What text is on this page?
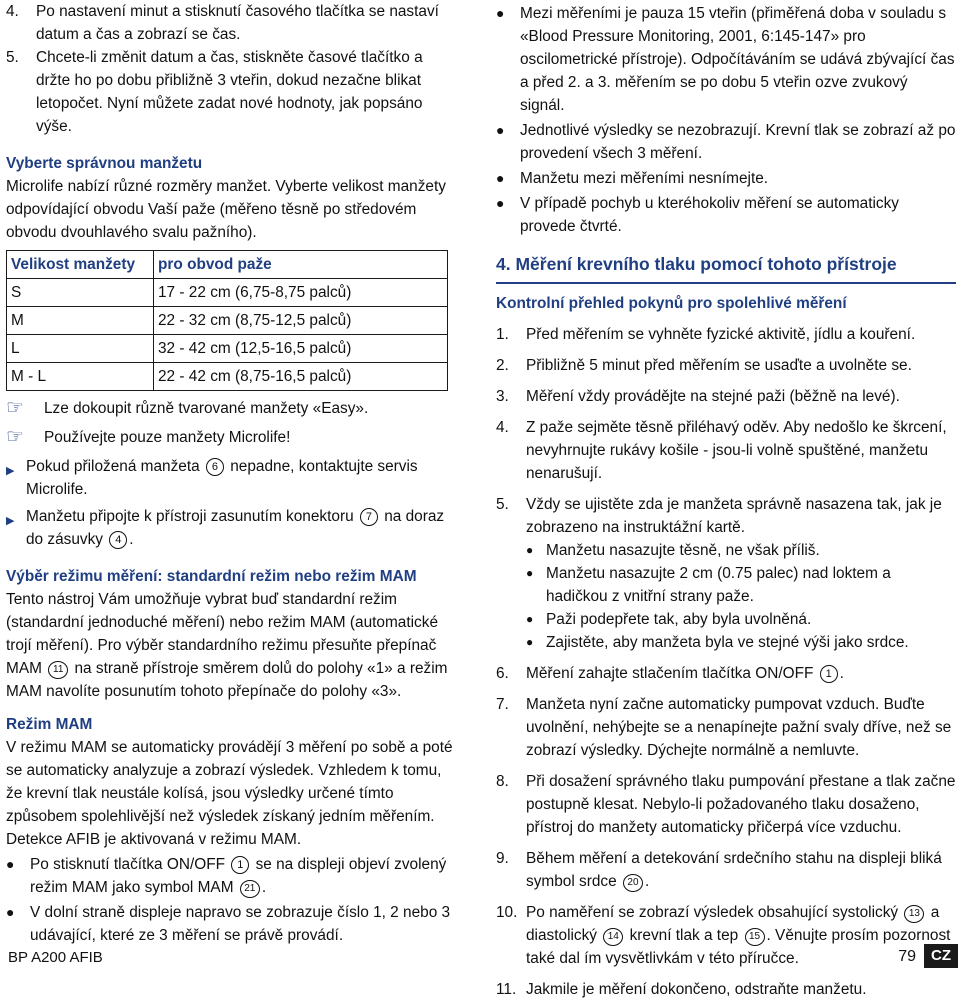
4.	Po nastavení minut a stisknutí časového tlačítka se nastaví datum a čas a zobrazí se čas.
5.	Chcete-li změnit datum a čas, stiskněte časové tlačítko a držte ho po dobu přibližně 3 vteřin, dokud nezačne blikat letopočet. Nyní můžete zadat nové hodnoty, jak popsáno výše.

Vyberte správnou manžetu

Microlife nabízí různé rozměry manžet. Vyberte velikost manžety odpovídající obvodu Vaší paže (měřeno těsně po středovém obvodu dvouhlavého svalu pažního).

Velikost manžety	pro obvod paže
S	17 - 22 cm (6,75-8,75 palců)
M	22 - 32 cm (8,75-12,5 palců)
L	32 - 42 cm (12,5-16,5 palců)
M - L	22 - 42 cm (8,75-16,5 palců)
☞	Lze dokoupit různě tvarované manžety «Easy».
☞	Používejte pouze manžety Microlife!
▶ Pokud přiložená manžeta 6 nepadne, kontaktujte servis Microlife.
▶ Manžetu připojte k přístroji zasunutím konektoru 7 na doraz do zásuvky 4 .

Výběr režimu měření: standardní režim nebo režim MAM

Tento nástroj Vám umožňuje vybrat buď standardní režim (standardní jednoduché měření) nebo režim MAM (automatické trojí měření). Pro výběr standardního režimu přesuňte přepínač MAM 11 na straně přístroje směrem dolů do polohy «1» a režim MAM navolíte posunutím tohoto přepínače do polohy «3».

Režim MAM

V režimu MAM se automaticky provádějí 3 měření po sobě a poté se automaticky analyzuje a zobrazí výsledek. Vzhledem k tomu, že krevní tlak neustále kolísá, jsou výsledky určené tímto způsobem spolehlivější než výsledek získaný jedním měřením. Detekce AFIB je aktivovaná v režimu MAM.

●	Po stisknutí tlačítka ON/OFF 1 se na displeji objeví zvolený režim MAM jako symbol MAM 21 .
●	V dolní straně displeje napravo se zobrazuje číslo 1, 2 nebo 3 udávající, které ze 3 měření se právě provádí.
●	Mezi měřeními je pauza 15 vteřin (přiměřená doba v souladu s «Blood Pressure Monitoring, 2001, 6:145-147» pro oscilometrické přístroje). Odpočítáváním se udává zbývající čas a před 2. a 3. měřením se po dobu 5 vteřin ozve zvukový signál.
●	Jednotlivé výsledky se nezobrazují. Krevní tlak se zobrazí až po provedení všech 3 měření.
●	Manžetu mezi měřeními nesnímejte.
●	V případě pochyb u kteréhokoliv měření se automaticky provede čtvrté.
4. Měření krevního tlaku pomocí tohoto přístroje

Kontrolní přehled pokynů pro spolehlivé měření

1.	Před měřením se vyhněte fyzické aktivitě, jídlu a kouření.
2.	Přibližně 5 minut před měřením se usaďte a uvolněte se.
3.	Měření vždy provádějte na stejné paži (běžně na levé).
4.	Z paže sejměte těsně přiléhavý oděv. Aby nedošlo ke škrcení, nevyhrnujte rukávy košile - jsou-li volně spuštěné, manžetu nenarušují.
5.	Vždy se ujistěte zda je manžeta správně nasazena tak, jak je zobrazeno na instruktážní kartě.
● Manžetu nasazujte těsně, ne však příliš.
● Manžetu nasazujte 2 cm (0.75 palec) nad loktem a hadičkou z vnitřní strany paže.
● Paži podepřete tak, aby byla uvolněná.
● Zajistěte, aby manžeta byla ve stejné výši jako srdce.
6.	Měření zahajte stlačením tlačítka ON/OFF 1 .
7.	Manžeta nyní začne automaticky pumpovat vzduch. Buďte uvolnění, nehýbejte se a nenapínejte pažní svaly dříve, než se zobrazí výsledky. Dýchejte normálně a nemluvte.
8.	Při dosažení správného tlaku pumpování přestane a tlak začne postupně klesat. Nebylo-li požadovaného tlaku dosaženo, přístroj do manžety automaticky přičerpá více vzduchu.
9.	Během měření a detekování srdečního stahu na displeji bliká symbol srdce 20 .
10. Po naměření se zobrazí výsledek obsahující systolický 13 a diastolický 14 krevní tlak a tep 15 . Věnujte prosím pozornost také dal ím vysvětlivkám v této příručce.
11. Jakmile je měření dokončeno, odstraňte manžetu.
BP A200 AFIB	79	CZ
